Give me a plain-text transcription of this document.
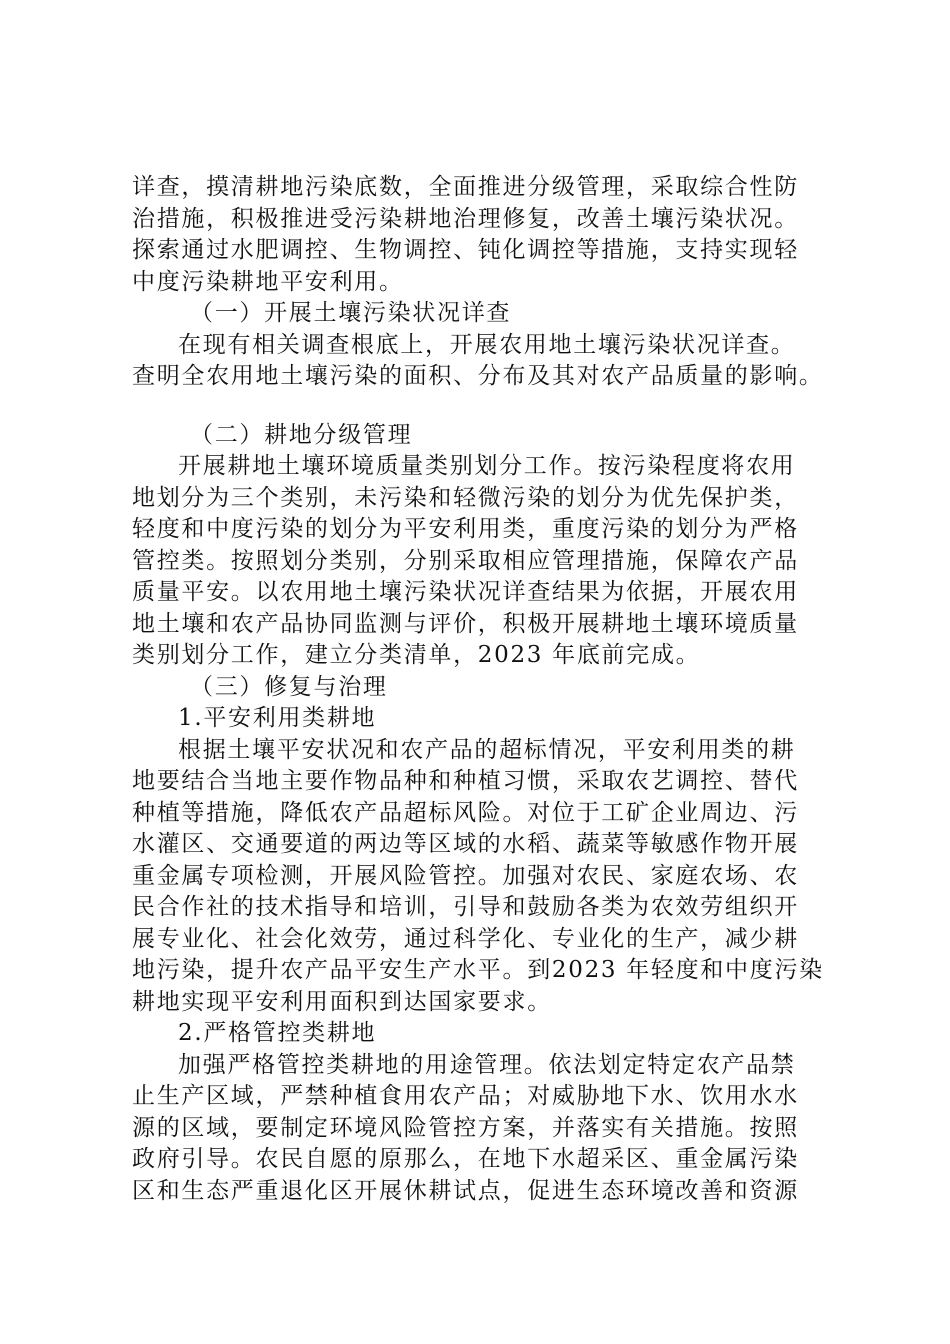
详查，摸清耕地污染底数，全面推进分级管理，采取综合性防
治措施，积极推进受污染耕地治理修复，改善土壤污染状况。
探索通过水肥调控、生物调控、钝化调控等措施，支持实现轻
中度污染耕地平安利用。
（一）开展土壤污染状况详查
在现有相关调查根底上，开展农用地土壤污染状况详查。
查明全农用地土壤污染的面积、分布及其对农产品质量的影响。
（二）耕地分级管理
开展耕地土壤环境质量类别划分工作。按污染程度将农用
地划分为三个类别，未污染和轻微污染的划分为优先保护类，
轻度和中度污染的划分为平安利用类，重度污染的划分为严格
管控类。按照划分类别，分别采取相应管理措施，保障农产品
质量平安。以农用地土壤污染状况详查结果为依据，开展农用
地土壤和农产品协同监测与评价，积极开展耕地土壤环境质量
类别划分工作，建立分类清单，2023 年底前完成。
（三）修复与治理
1.平安利用类耕地
根据土壤平安状况和农产品的超标情况，平安利用类的耕
地要结合当地主要作物品种和种植习惯，采取农艺调控、替代
种植等措施，降低农产品超标风险。对位于工矿企业周边、污
水灌区、交通要道的两边等区域的水稻、蔬菜等敏感作物开展
重金属专项检测，开展风险管控。加强对农民、家庭农场、农
民合作社的技术指导和培训，引导和鼓励各类为农效劳组织开
展专业化、社会化效劳，通过科学化、专业化的生产，减少耕
地污染，提升农产品平安生产水平。到2023 年轻度和中度污染
耕地实现平安利用面积到达国家要求。
2.严格管控类耕地
加强严格管控类耕地的用途管理。依法划定特定农产品禁
止生产区域，严禁种植食用农产品；对威胁地下水、饮用水水
源的区域，要制定环境风险管控方案，并落实有关措施。按照
政府引导。农民自愿的原那么，在地下水超采区、重金属污染
区和生态严重退化区开展休耕试点，促进生态环境改善和资源
